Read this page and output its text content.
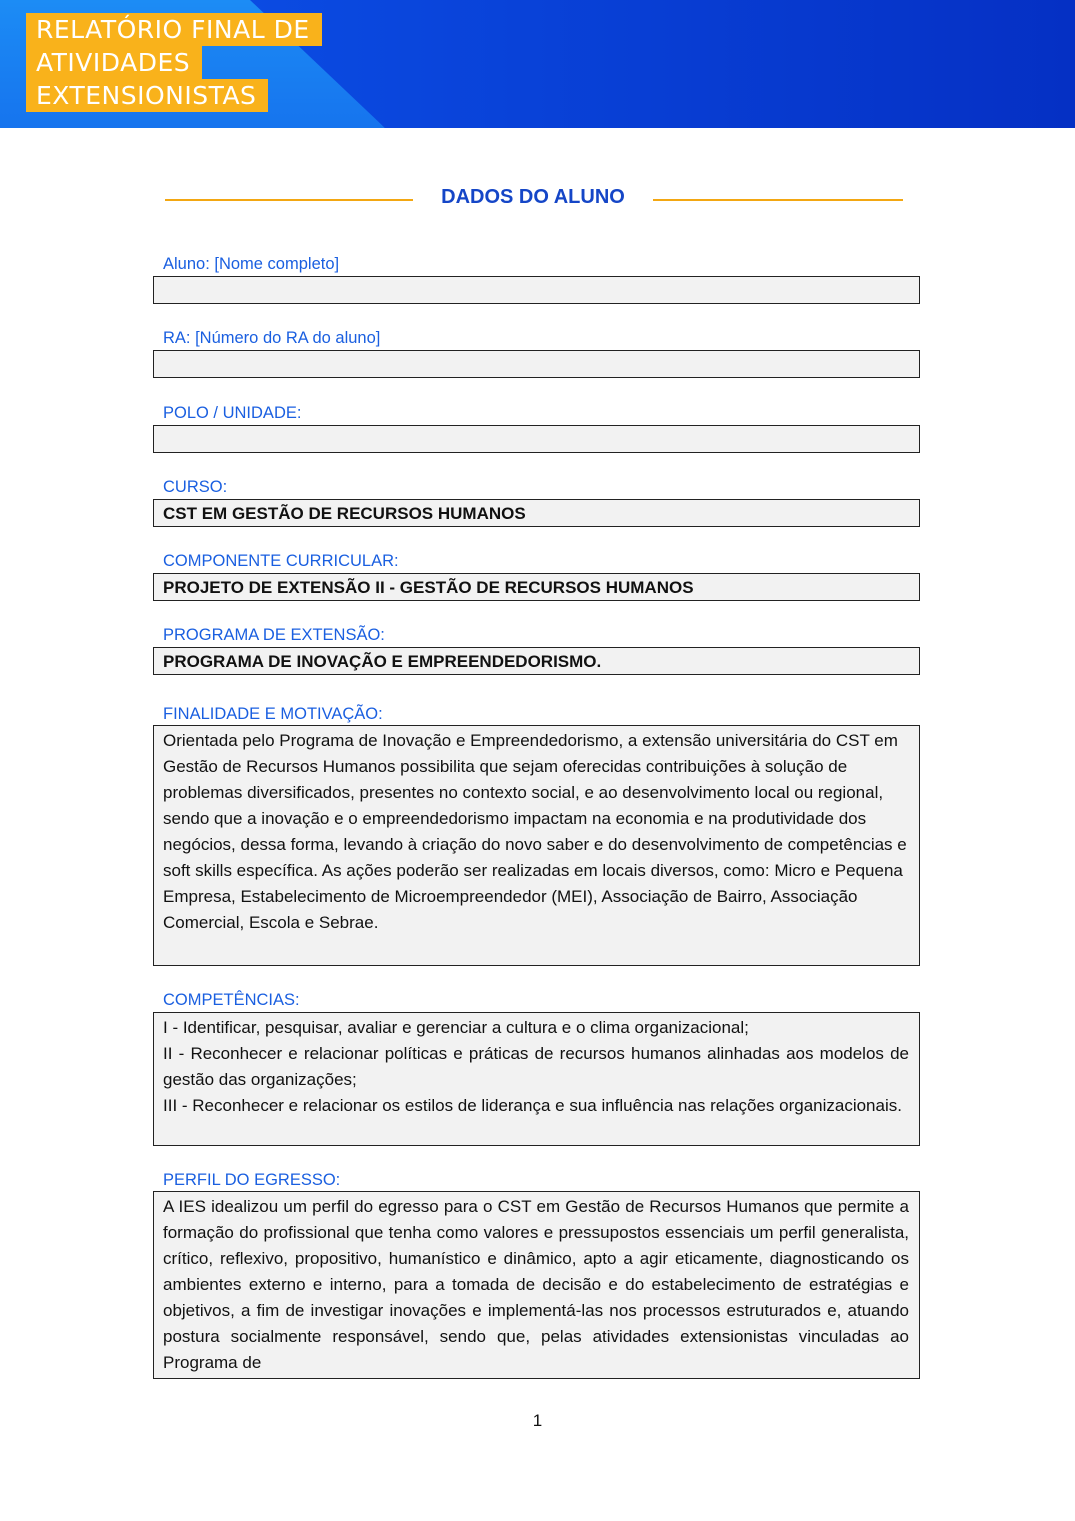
RELATÓRIO FINAL DE
ATIVIDADES
EXTENSIONISTAS
DADOS DO ALUNO
Aluno: [Nome completo]
RA: [Número do RA do aluno]
POLO / UNIDADE:
CURSO:
CST EM GESTÃO DE RECURSOS HUMANOS
COMPONENTE CURRICULAR:
PROJETO DE EXTENSÃO II - GESTÃO DE RECURSOS HUMANOS
PROGRAMA DE EXTENSÃO:
PROGRAMA DE INOVAÇÃO E EMPREENDEDORISMO.
FINALIDADE E MOTIVAÇÃO:
Orientada pelo Programa de Inovação e Empreendedorismo, a extensão universitária do CST em Gestão de Recursos Humanos possibilita que sejam oferecidas contribuições à solução de problemas diversificados, presentes no contexto social, e ao desenvolvimento local ou regional, sendo que a inovação e o empreendedorismo impactam na economia e na produtividade dos negócios, dessa forma, levando à criação do novo saber e do desenvolvimento de competências e soft skills específica. As ações poderão ser realizadas em locais diversos, como: Micro e Pequena Empresa, Estabelecimento de Microempreendedor (MEI), Associação de Bairro, Associação Comercial, Escola e Sebrae.
COMPETÊNCIAS:
I - Identificar, pesquisar, avaliar e gerenciar a cultura e o clima organizacional;
II - Reconhecer e relacionar políticas e práticas de recursos humanos alinhadas aos modelos de gestão das organizações;
III - Reconhecer e relacionar os estilos de liderança e sua influência nas relações organizacionais.
PERFIL DO EGRESSO:
A IES idealizou um perfil do egresso para o CST em Gestão de Recursos Humanos que permite a formação do profissional que tenha como valores e pressupostos essenciais um perfil generalista, crítico, reflexivo, propositivo, humanístico e dinâmico, apto a agir eticamente, diagnosticando os ambientes externo e interno, para a tomada de decisão e do estabelecimento de estratégias e objetivos, a fim de investigar inovações e implementá-las nos processos estruturados e, atuando postura socialmente responsável, sendo que, pelas atividades extensionistas vinculadas ao Programa de
1
